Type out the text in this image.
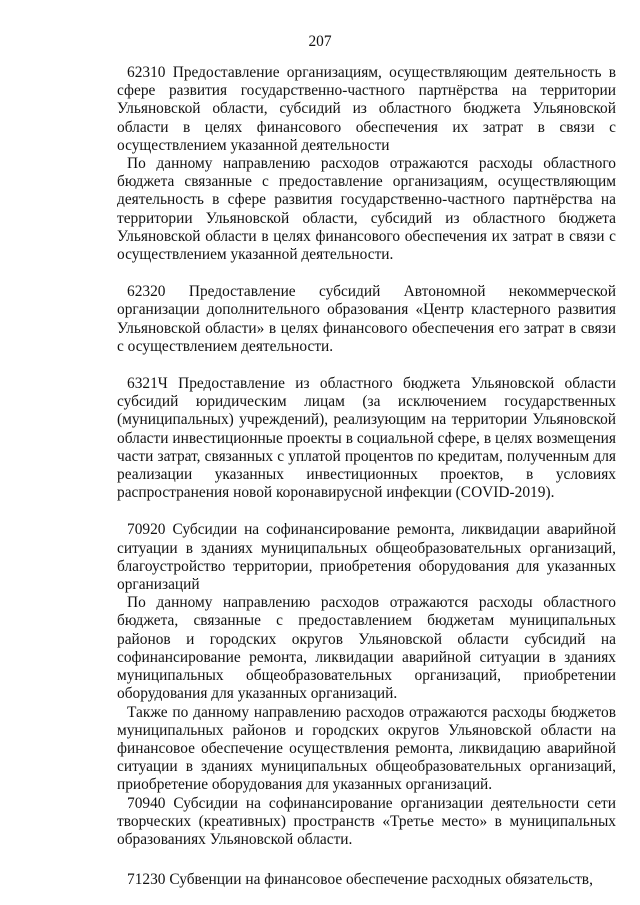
207

62310 Предоставление организациям, осуществляющим деятельность в сфере развития государственно-частного партнёрства на территории Ульяновской области, субсидий из областного бюджета Ульяновской области в целях финансового обеспечения их затрат в связи с осуществлением указанной деятельности

По данному направлению расходов отражаются расходы областного бюджета связанные с предоставление организациям, осуществляющим деятельность в сфере развития государственно-частного партнёрства на территории Ульяновской области, субсидий из областного бюджета Ульяновской области в целях финансового обеспечения их затрат в связи с осуществлением указанной деятельности.

62320 Предоставление субсидий Автономной некоммерческой организации дополнительного образования «Центр кластерного развития Ульяновской области» в целях финансового обеспечения его затрат в связи с осуществлением деятельности.

6321Ч Предоставление из областного бюджета Ульяновской области субсидий юридическим лицам (за исключением государственных (муниципальных) учреждений), реализующим на территории Ульяновской области инвестиционные проекты в социальной сфере, в целях возмещения части затрат, связанных с уплатой процентов по кредитам, полученным для реализации указанных инвестиционных проектов, в условиях распространения новой коронавирусной инфекции (COVID-2019).

70920 Субсидии на софинансирование ремонта, ликвидации аварийной ситуации в зданиях муниципальных общеобразовательных организаций, благоустройство территории, приобретения оборудования для указанных организаций

По данному направлению расходов отражаются расходы областного бюджета, связанные с предоставлением бюджетам муниципальных районов и городских округов Ульяновской области субсидий на софинансирование ремонта, ликвидации аварийной ситуации в зданиях муниципальных общеобразовательных организаций, приобретении оборудования для указанных организаций.

Также по данному направлению расходов отражаются расходы бюджетов муниципальных районов и городских округов Ульяновской области на финансовое обеспечение осуществления ремонта, ликвидацию аварийной ситуации в зданиях муниципальных общеобразовательных организаций, приобретение оборудования для указанных организаций.

70940 Субсидии на софинансирование организации деятельности сети творческих (креативных) пространств «Третье место» в муниципальных образованиях Ульяновской области.

71230 Субвенции на финансовое обеспечение расходных обязательств,
